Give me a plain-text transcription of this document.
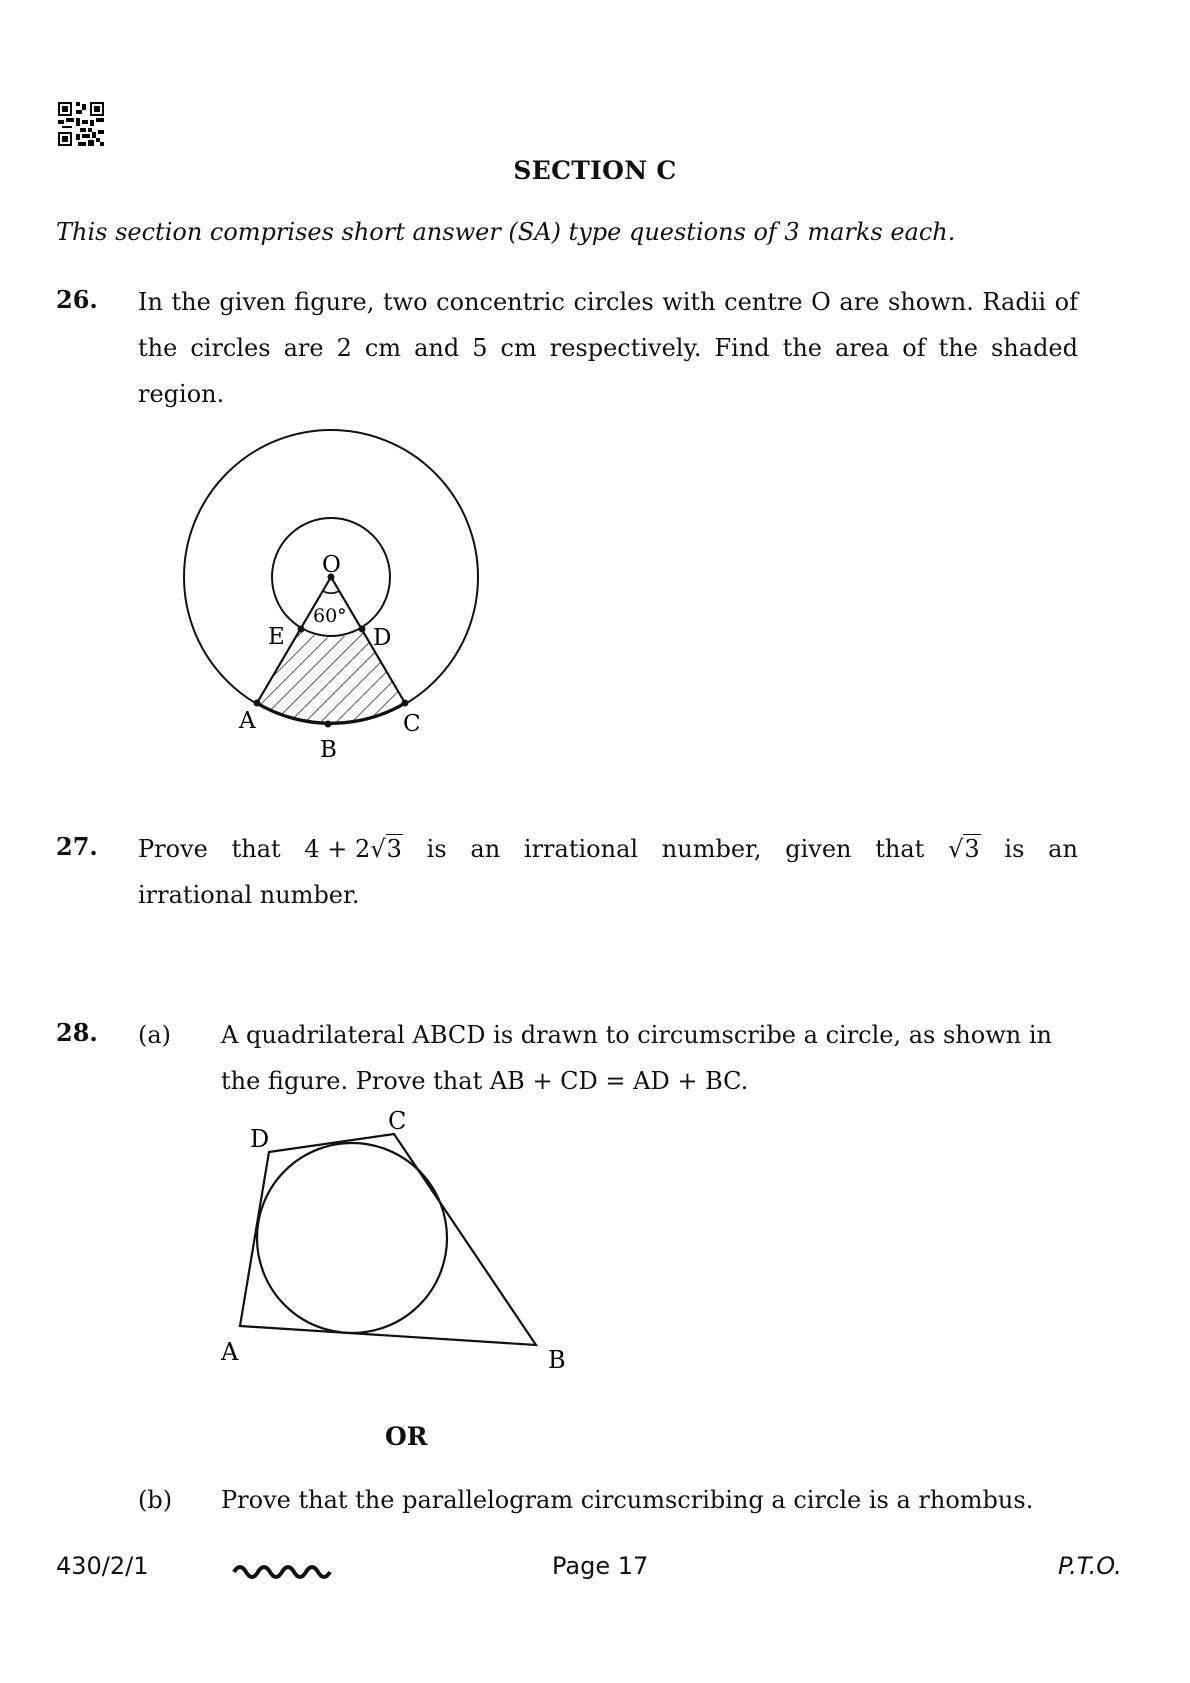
SECTION C
This section comprises short answer (SA) type questions of 3 marks each.
26. In the given figure, two concentric circles with centre O are shown. Radii of the circles are 2 cm and 5 cm respectively. Find the area of the shaded region.
O
60°
E	D
A
B
C
A	B
C
D
27. Prove that 4 + 2√3 is an irrational number, given that √3 is an
irrational number.
28. (a) A quadrilateral ABCD is drawn to circumscribe a circle, as shown in the figure. Prove that AB + CD = AD + BC.
OR
(b) Prove that the parallelogram circumscribing a circle is a rhombus.
430/2/1	Page 17	P.T.O.
